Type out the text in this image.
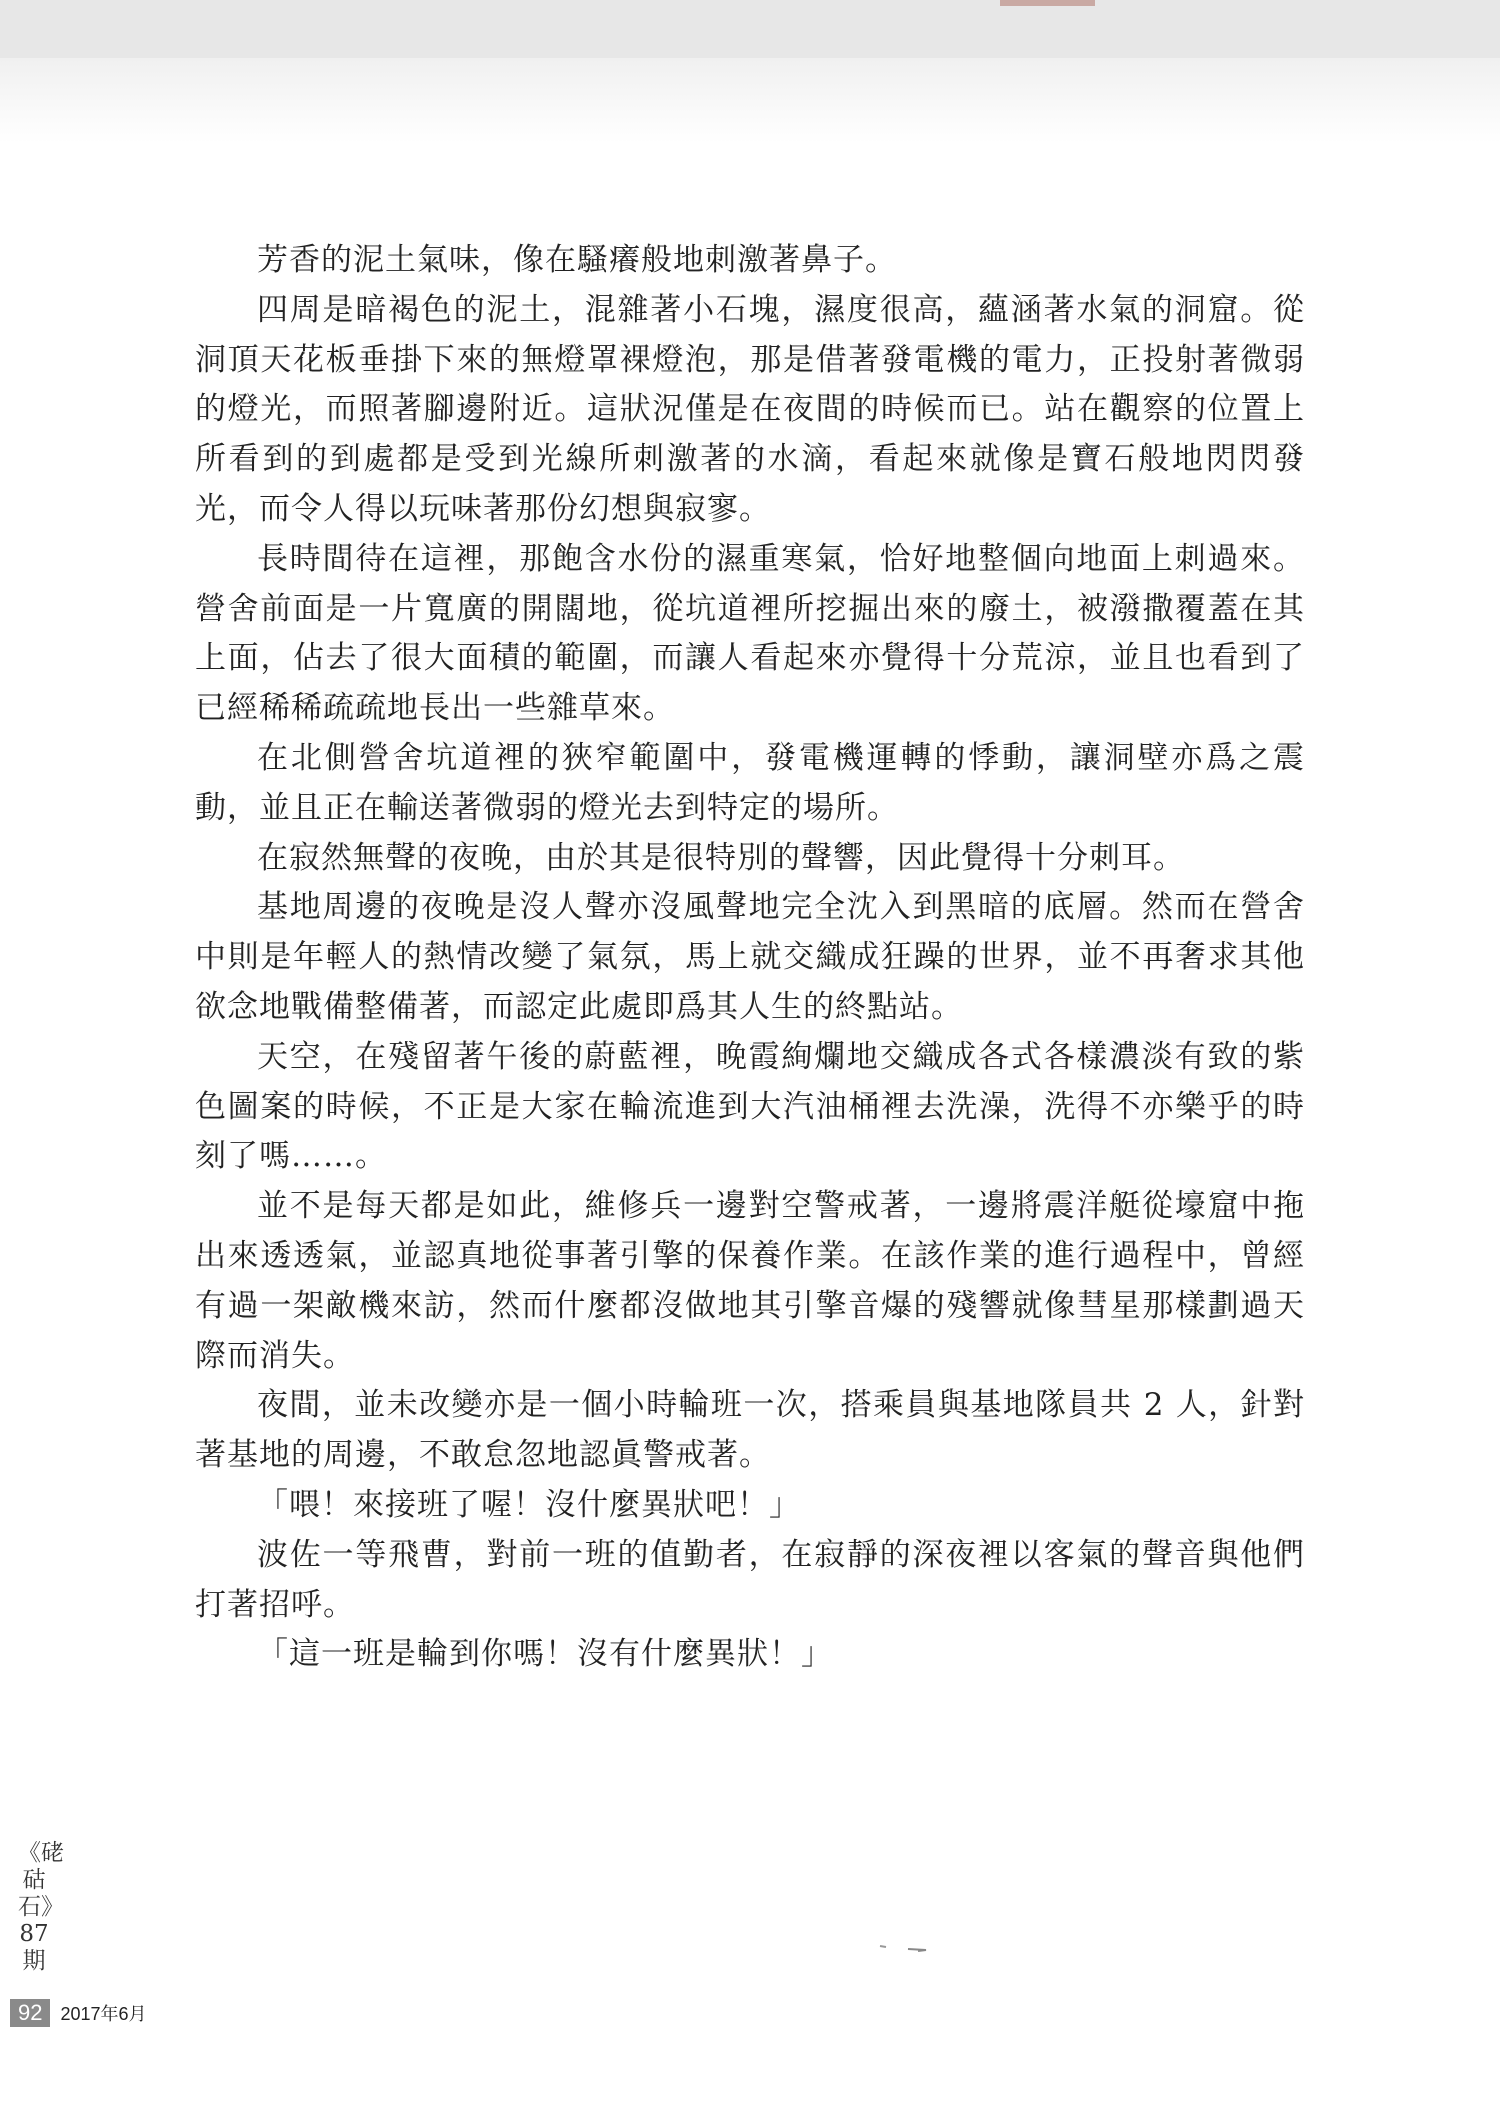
芳香的泥土氣味，像在騷癢般地刺激著鼻子。

四周是暗褐色的泥土，混雜著小石塊，濕度很高，蘊涵著水氣的洞窟。從洞頂天花板垂掛下來的無燈罩裸燈泡，那是借著發電機的電力，正投射著微弱的燈光，而照著腳邊附近。這狀況僅是在夜間的時候而已。站在觀察的位置上所看到的到處都是受到光線所刺激著的水滴，看起來就像是寶石般地閃閃發光，而令人得以玩味著那份幻想與寂寥。

長時間待在這裡，那飽含水份的濕重寒氣，恰好地整個向地面上刺過來。營舍前面是一片寬廣的開闊地，從坑道裡所挖掘出來的廢土，被潑撒覆蓋在其上面，佔去了很大面積的範圍，而讓人看起來亦覺得十分荒涼，並且也看到了已經稀稀疏疏地長出一些雜草來。

在北側營舍坑道裡的狹窄範圍中，發電機運轉的悸動，讓洞壁亦爲之震動，並且正在輸送著微弱的燈光去到特定的場所。

在寂然無聲的夜晚，由於其是很特別的聲響，因此覺得十分刺耳。

基地周邊的夜晚是沒人聲亦沒風聲地完全沈入到黑暗的底層。然而在營舍中則是年輕人的熱情改變了氣氛，馬上就交織成狂躁的世界，並不再奢求其他欲念地戰備整備著，而認定此處即爲其人生的終點站。

天空，在殘留著午後的蔚藍裡，晚霞絢爛地交織成各式各樣濃淡有致的紫色圖案的時候，不正是大家在輪流進到大汽油桶裡去洗澡，洗得不亦樂乎的時刻了嗎……。

並不是每天都是如此，維修兵一邊對空警戒著，一邊將震洋艇從壕窟中拖出來透透氣，並認真地從事著引擎的保養作業。在該作業的進行過程中，曾經有過一架敵機來訪，然而什麼都沒做地其引擎音爆的殘響就像彗星那樣劃過天際而消失。

夜間，並未改變亦是一個小時輪班一次，搭乘員與基地隊員共 2 人，針對著基地的周邊，不敢怠忽地認眞警戒著。

「喂！來接班了喔！沒什麼異狀吧！」

波佐一等飛曹，對前一班的值勤者，在寂靜的深夜裡以客氣的聲音與他們打著招呼。

「這一班是輪到你嗎！沒有什麼異狀！」

《硓𥑮石》87期
92	2017年6月
